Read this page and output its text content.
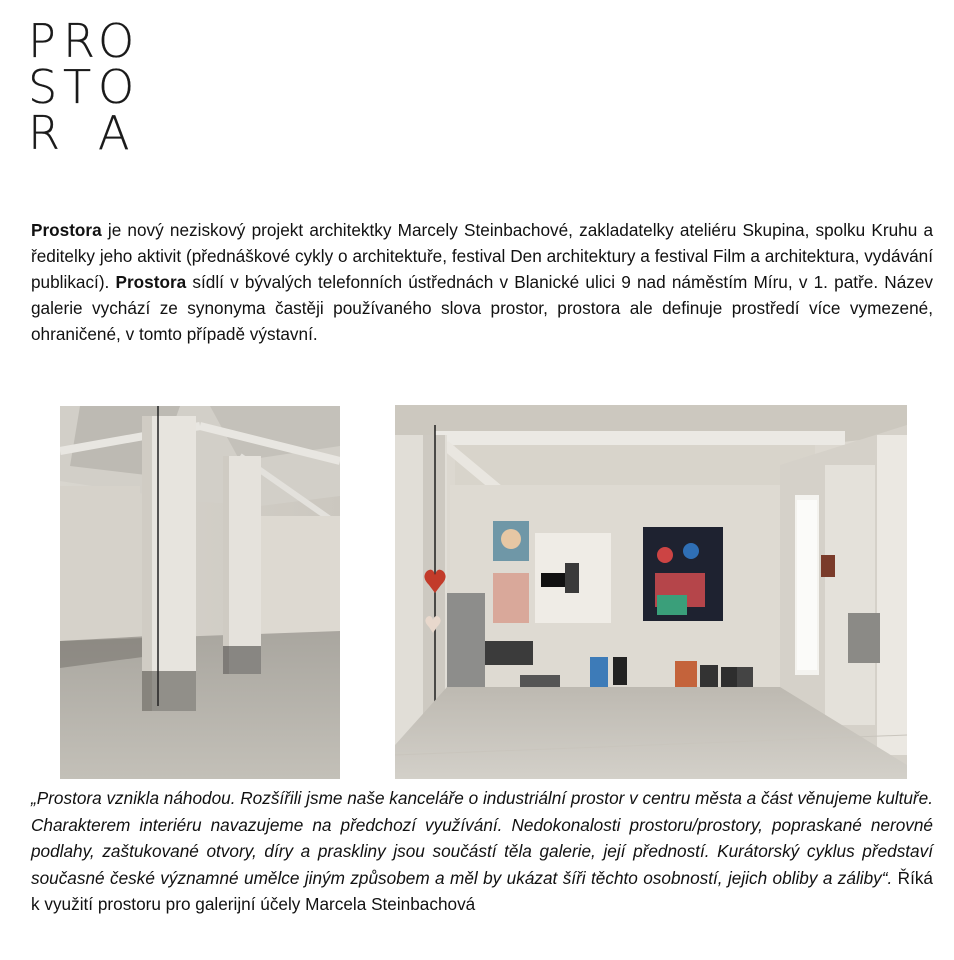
P R O
S T O
R A

Prostora je nový neziskový projekt architektky Marcely Steinbachové, zakladatelky ateliéru Skupina, spolku Kruhu a ředitelky jeho aktivit (přednáškové cykly o architektuře, festival Den architektury a festival Film a architektura, vydávání publikací). Prostora sídlí v bývalých telefonních ústřednách v Blanické ulici 9 nad náměstím Míru, v 1. patře. Název galerie vychází ze synonyma častěji používaného slova prostor, prostora ale definuje prostředí více vymezené, ohraničené, v tomto případě výstavní.

„Prostora vznikla náhodou. Rozšířili jsme naše kanceláře o industriální prostor v centru města a část věnujeme kultuře. Charakterem interiéru navazujeme na předchozí využívání. Nedokonalosti prostoru/prostory, popraskané nerovné podlahy, zaštukované otvory, díry a praskliny jsou součástí těla galerie, její předností. Kurátorský cyklus představí současné české významné umělce jiným způsobem a měl by ukázat šíři těchto osobností, jejich obliby a záliby“. Říká k využití prostoru pro galerijní účely Marcela Steinbachová
